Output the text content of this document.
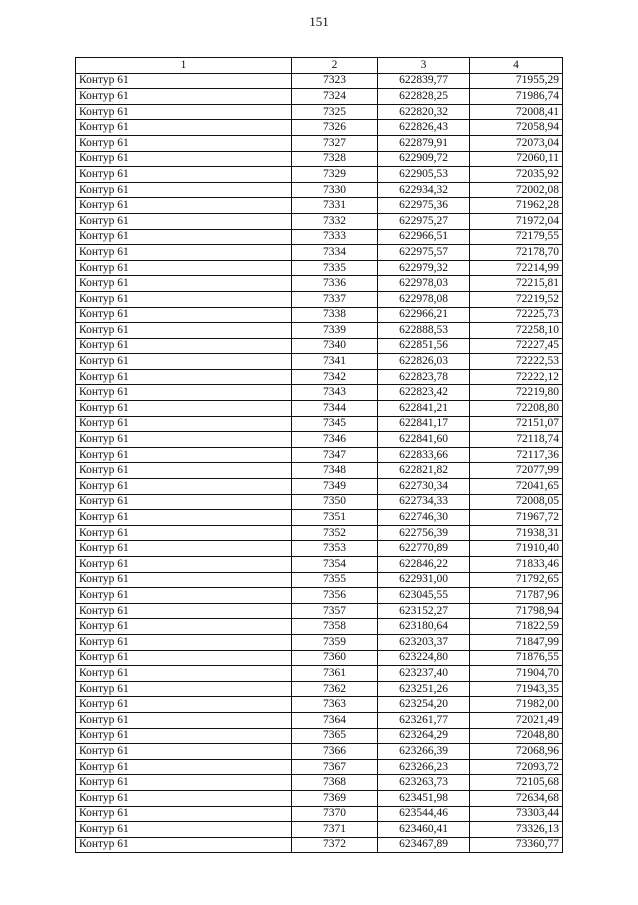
151
1	2	3	4
Контур 61	7323	622839,77	71955,29
Контур 61	7324	622828,25	71986,74
Контур 61	7325	622820,32	72008,41
Контур 61	7326	622826,43	72058,94
Контур 61	7327	622879,91	72073,04
Контур 61	7328	622909,72	72060,11
Контур 61	7329	622905,53	72035,92
Контур 61	7330	622934,32	72002,08
Контур 61	7331	622975,36	71962,28
Контур 61	7332	622975,27	71972,04
Контур 61	7333	622966,51	72179,55
Контур 61	7334	622975,57	72178,70
Контур 61	7335	622979,32	72214,99
Контур 61	7336	622978,03	72215,81
Контур 61	7337	622978,08	72219,52
Контур 61	7338	622966,21	72225,73
Контур 61	7339	622888,53	72258,10
Контур 61	7340	622851,56	72227,45
Контур 61	7341	622826,03	72222,53
Контур 61	7342	622823,78	72222,12
Контур 61	7343	622823,42	72219,80
Контур 61	7344	622841,21	72208,80
Контур 61	7345	622841,17	72151,07
Контур 61	7346	622841,60	72118,74
Контур 61	7347	622833,66	72117,36
Контур 61	7348	622821,82	72077,99
Контур 61	7349	622730,34	72041,65
Контур 61	7350	622734,33	72008,05
Контур 61	7351	622746,30	71967,72
Контур 61	7352	622756,39	71938,31
Контур 61	7353	622770,89	71910,40
Контур 61	7354	622846,22	71833,46
Контур 61	7355	622931,00	71792,65
Контур 61	7356	623045,55	71787,96
Контур 61	7357	623152,27	71798,94
Контур 61	7358	623180,64	71822,59
Контур 61	7359	623203,37	71847,99
Контур 61	7360	623224,80	71876,55
Контур 61	7361	623237,40	71904,70
Контур 61	7362	623251,26	71943,35
Контур 61	7363	623254,20	71982,00
Контур 61	7364	623261,77	72021,49
Контур 61	7365	623264,29	72048,80
Контур 61	7366	623266,39	72068,96
Контур 61	7367	623266,23	72093,72
Контур 61	7368	623263,73	72105,68
Контур 61	7369	623451,98	72634,68
Контур 61	7370	623544,46	73303,44
Контур 61	7371	623460,41	73326,13
Контур 61	7372	623467,89	73360,77
